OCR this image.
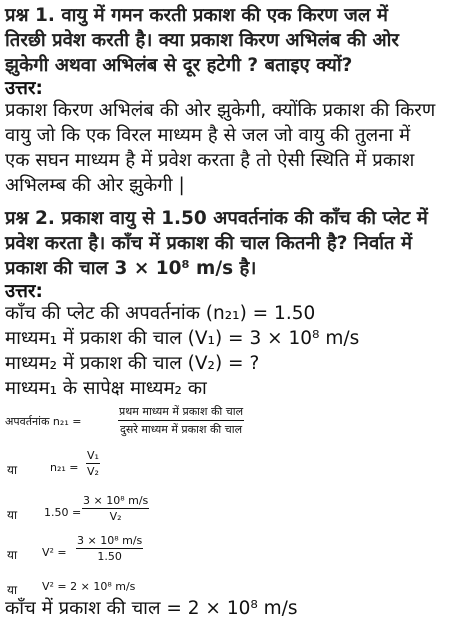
प्रश्न 1. वायु में गमन करती प्रकाश की एक किरण जल में
तिरछी प्रवेश करती है। क्या प्रकाश किरण अभिलंब की ओर
झुकेगी अथवा अभिलंब से दूर हटेगी ? बताइए क्यों?
उत्तर:
प्रकाश किरण अभिलंब की ओर झुकेगी, क्योंकि प्रकाश की किरण
वायु जो कि एक विरल माध्यम है से जल जो वायु की तुलना में
एक सघन माध्यम है में प्रवेश करता है तो ऐसी स्थिति में प्रकाश
अभिलम्ब की ओर झुकेगी |
प्रश्न 2. प्रकाश वायु से 1.50 अपवर्तनांक की काँच की प्लेट में
प्रवेश करता है। काँच में प्रकाश की चाल कितनी है? निर्वात में
प्रकाश की चाल 3 × 10⁸ m/s है।
उत्तर:
काँच की प्लेट की अपवर्तनांक (n₂₁) = 1.50
माध्यम₁ में प्रकाश की चाल (V₁) = 3 × 10⁸ m/s
माध्यम₂ में प्रकाश की चाल (V₂) = ?
माध्यम₁ के सापेक्ष माध्यम₂ का
अपवर्तनांक n₂₁ =
प्रथम माध्यम में प्रकाश की चाल
दुसरे माध्यम में प्रकाश की चाल
या	$n_{21} = \frac{\text{V₁}}{\text{V₂}}$
या $1.50 = \frac{\text{3 × 10⁸ m/s}}{\text{V₂}}$
या $V^2 = \frac{\text{3 × 10⁸ m/s}}{1.50}$
या V² = 2 × 10⁸ m/s
काँच में प्रकाश की चाल = 2 × 10⁸ m/s
